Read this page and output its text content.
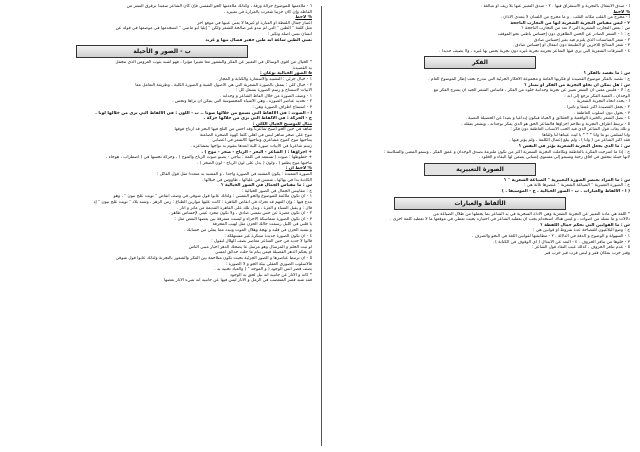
أ - صدق الانفعال بالتجربة و الاستغراق فيها . ٢ - صدق التعبير عنها بلا زيف أو مبالغة .
% لاحظ
أ - مخرج من القلب مكانه القلب . و ما مخرج من اللسان لا يتعدى الآذان .
٢ - ليس مقياس التجربة الشعرية أنها من التجارب الناجحة
س : بعض التجارب الشعرية التي لا تعد من التجارب الناجحة ؟
ج : ١ - الشعر الصادر عن الحس الظاهري دون إحساس باطني نحو الموقف
٢ - شعر المناسبات الذي يلتزم فيه بغير إحساس صادق
٣ - شعر المدائح للآخرين أو الطبيعة دون انفعال أو إحساس صادق .
٤ - السرقات الشعرية التي يرى فيها الشاعر تجربته تجربة غيره دون تجربة يحس بها غيره ، ولا يضيف جديدا .
الفكر
س : ما نقصد بالفكر ؟
ج : نقصد بالفكر موضوع القصيدة أو فكرتها العامة و مجموعة الأفكار الجزئية التي تندرج تحت إطار الموضوع العام .
س : هل يمكن أن تخلو التجربة من الفكر أو تمتاز ؟
ج : لا - فليس معنى أن الشعر تعبير عن تجربة وجدانية خلوه من الفكر ، فأساس الشعر الجيد أن يمتزج الفكر مع
الوجدان ، العمية الفكر ترجع إلى أنه :
أ - يحدد اتجاه التجربة الشعرية .
٢ - يجعل القصيدة أكثر عمقا و تأثيرا .
٣ - يحول دون أسلوب العاطفة .
٤ - يصل الشعر بالخبرة الواقعية و الحقائق و الحياة فيكون إبداعيا و بعيدا عن الحصيلة النصية .
٥ - ترتبط أطراف التجربة و تتلاحم أجزاؤها فالشاعر الحق هو الذي يفكر بوجدانه ، ويشعر بعقله .
و تلك يعاب قول الشاعر الذي فيه الحب الأسباب العاطفة دون فكر :
وأنا لسلمي تو ما وأنا * * * يا ليت عيناها لنا ولقاها
فقد أكثر الشاعر من ( وأنا ) ، ولم يبلغ إعمال الكلمة ، ولم يؤثر فيها .
س : ما الذي يجعل التجربة الشعرية تؤثر في النفس ؟
ج : إذا ما امتزجت الفكرة بالعاطفة وتكاملت التجربة الشعرية أكثر من تكون ملتزمة بصدق الوجدان و عمق الفكر ، وسمو المعنى والسلاسة :
لأنها حينئذ تتحقق في أفاق رحبة وتسمو إلى مستوى إنساني يضمن لها البقاء و الخلود .
الصورة التعبيرية
س : ما المراد بعنصر الصورة التعبيرية " الصياغة الشعرية " ؟
ج : الصورة التعبيرية " الصياغة الشعرية " عنصرها ثلاثة هي :
( أ - الألفاظ والعبارات . ب - الصور الخيالية . ج - الموسيقا . )
الألفاظ والعبارات
* اللغة هي مادة التعبير عن التجربة الشعرية وهي الأداة السحرية في يد الشاعر بما يحملها من ظلال الصياغة من
دلالات و ما تمثله من أصوات ، و ليس هناك استخدام يجب أن يعطيه الشاعر في اختياره بحيث تعطي في موقعها ما لا تعطيه كلمة أخرى .
س : ما القوانين التي تحكم جمال اللفظة ؟
ج : وضع البلاغيون للفصاحة عدة شروط أو قوانين هي :
١ - السهولة و الوضوح و الدقة في الدلالة . ٢ - مطابقتها لقوانين اللغة في النحو والصرف .
٣ - خلوها من تنافر الحروف . ٤ - البعد عن الابتذال ( أي الوقوف في الكتابة ) .
٥ - عدم تنافر الحروف ، كذلك عيب النقاد قول الشاعر :
وقبر حرب بمكان قفر و ليس قرب قبر حرب قبر
٦ - ملاءمتها للموضوع جزالة ورقة ، وكذلك ملاءمتها الجو النفسي فإن كان الشاعر سعيدا ترقرق البشر من
ألفاظه وإن كان حزينا شعرت بالمرارة في تعبيره .
% لاحظ
اعتبار جمال اللفظة أو العبارة أو غيرها لا يعني عيبها في موقع آخر
مثل كلمة " الطين " التي لم تبدو غير صالحة للشعر ولكن " إيليا أبو ماضي " استخدمها في موضعها في قوله عن
انسان نسي أصله وتكبر :
نسي الطين ساعة أنه طين حقير فصال تيها و عربد
ب - الصور و الأخيلة
* الخيال من أقوى الوسائل في التعبير عن الفكر والشعور معا تعبيرا مؤثرا ، فهو أشبه بثوب العروس الذي تتجمل
به القصيدة
& الصور الخيالية نوعان :
١ - خيال جزئي : التشبيه والاستعارة والكناية و المجاز .
٢ - خيال كلي : يتمثل بالصورة الشعرية التي هي الأصول الفنية و الصورة الكلية ، وطريقة التعامل معا
الأبيات لاستنتاج و رسم الصورة يشمل كل :
١ - وصف الصورة من خلال ألفاظ الشاعر و وجدانه .
٢ - تحديد عناصر الصورة ، وهي الأشياء المحسوسة التي يمكن أن تراها وتحس .
٣ - استنتاج أطراف الصورة وهي :
أ - الصوت : في الألفاظ التي تسمع من خلالها صوتا .. ب - اللون : في الألفاظ التي ترى من خلالها لونا .
ج - الحركة : في الألفاظ التي ترى من خلالها حركة .
مثال للتوضيح الخيال الكلي :
شاهد في حين الجو أصبح شاعرنا وقد أحس من الثلج فيها البحر قد ارتاح فوقها
تنوح على صخر ساهر ليس في أهلي كلما كهوة الصخرة الصامتة
يتناجيها موج كموج مشاعري وتناجيها كالشعر في أعصابي
رسم شاعرنا في الأبيات صورة كلية أبعدها بتقوم به تواجها بمشاعره .
+ أجزاؤها : ( الشاعر - البحر - الرياح - صخر - موج ) .
+ خطوطها : صوت ( تسمعه في كلمة : يناجي - يصبو صوت الرياح والموج ) ، وحركة تحسها في ( اضطراب ، هوجاء ،
تناجيها موج يطفو ) ، ولون ( يدل على لون الرياح - لون الصخر ) .
% لاحظ أن :
الصورة الممتدة : يكون المشبه في الصورة واحدا ، و المشبه به متعددا مثل قول القائل :
الكاذبة بدا في بهائها ، شمس في عليائها ، طاووس في خيلائها .
س : ما مقياس الجمال في الصور الخيالية ؟
ج : مقاييس الجمال في الصور الخيالية :
١ - أن تكون ملائمة للموضوع والجو النفسي : ولذلك عابوا قول شوقي في وصف أنقاض " تويت علج نبون " ، وهو
مدح فيها : وإن الفهم قد تحرك في أنقاض القاهرة : كانت عليها موازين الطباع : زمن الزهر ، وشبه بلاد " تويت علج نبون " إذ
قال : و يقبل النساء و العزة ، وتدل تلك على القاهرة القديمة من مآثر و آثار .
٢ - أن تكون معبرة عن حس نفسي صادق ، ولا تكون مجرد عبثي لإحساس ظاهر .
٣ - أن تكون الصورة متماسكة الأجزاء و ليست متفرقة بين بعضها البعض مثل :
يا قلبي في الليل رسمت حالك الحزن مثل لهيب المحرقة
و تشبه الحزن في قلبه و بهجة وهلال الموت وتبدد مما يملي من حسابك .
٤ - ان تكون الصورة جديدة مبتكرة غير مستهلكة :
قالوا لا جديد في حين الشاعر معاصر بصف الهلال ليقول :
لو ثبت الحلم و المرسال وهو مرسل ما يضحك الدهر أحبار منبي الناس
أو يحكم الدهر الفضيلة فيمن ينام ما حلت حدائق أمسي
٥ - أن ترتبط عناصرها و الصور الجزئية بحيث تكون متلاحمة بين الفكر والشعور بالتجربة ولذلك عابوا قول شوقي
فالأسلوب الصوري العقلي بيئة الجو و لا الصورة :
يصف فصر أنس الوجود ( و الموجه " ) والعباد تحبيه به .
* كأنه و الآثار عن جانبيه أنه نيل لحق به الوجود
فقد شبه قصر المتعصب في الرمل و الآثار ليس فيها عن جانبيه أنه شيء الآثار بعضها
